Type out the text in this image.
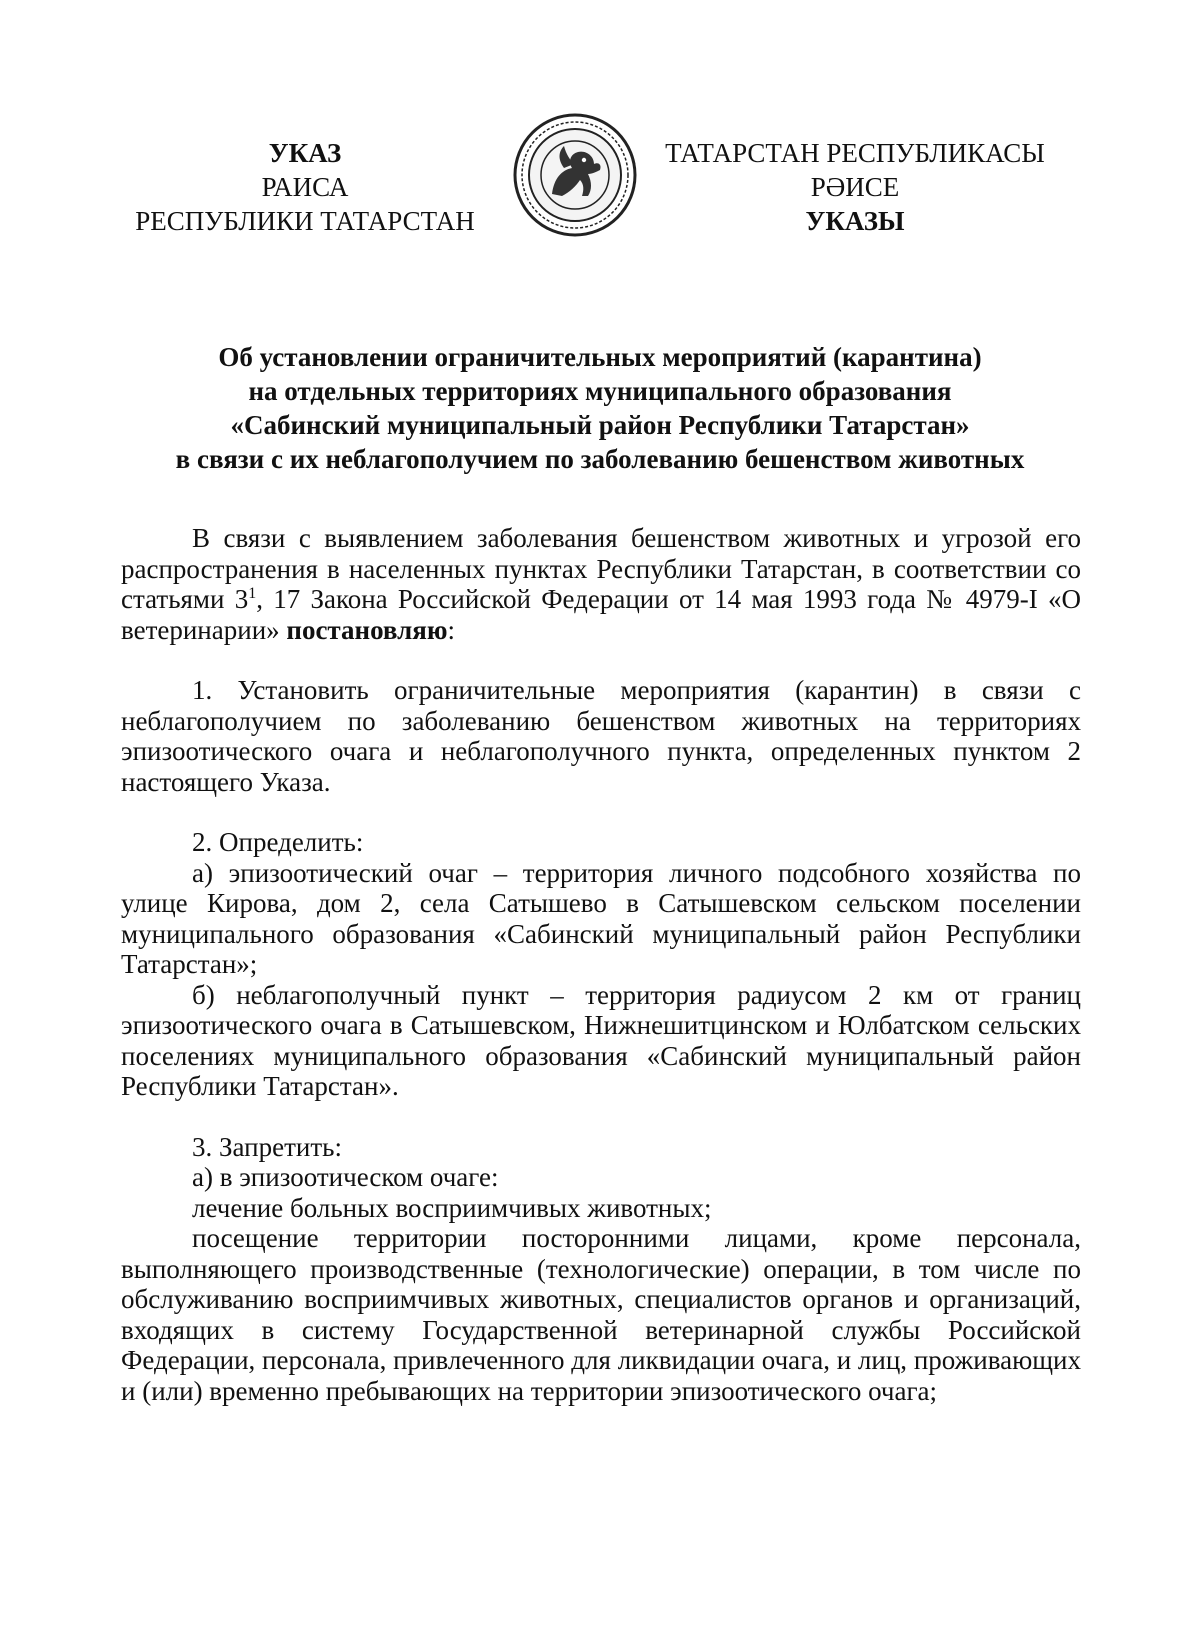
УКАЗ
РАИСА
РЕСПУБЛИКИ ТАТАРСТАН
ТАТАРСТАН РЕСПУБЛИКАСЫ
РӘИСЕ
УКАЗЫ
Об установлении ограничительных мероприятий (карантина)
на отдельных территориях муниципального образования
«Сабинский муниципальный район Республики Татарстан»
в связи с их неблагополучием по заболеванию бешенством животных

В связи с выявлением заболевания бешенством животных и угрозой его распространения в населенных пунктах Республики Татарстан, в соответствии со статьями $3^1$, 17 Закона Российской Федерации от 14 мая 1993 года № 4979-I «О ветеринарии» постановляю:

1. Установить ограничительные мероприятия (карантин) в связи с неблагополучием по заболеванию бешенством животных на территориях эпизоотического очага и неблагополучного пункта, определенных пунктом 2 настоящего Указа.

2. Определить:

а) эпизоотический очаг – территория личного подсобного хозяйства по улице Кирова, дом 2, села Сатышево в Сатышевском сельском поселении муниципального образования «Сабинский муниципальный район Республики Татарстан»;

б) неблагополучный пункт – территория радиусом 2 км от границ эпизоотического очага в Сатышевском, Нижнешитцинском и Юлбатском сельских поселениях муниципального образования «Сабинский муниципальный район Республики Татарстан».

3. Запретить:

а) в эпизоотическом очаге:

лечение больных восприимчивых животных;

посещение территории посторонними лицами, кроме персонала, выполняющего производственные (технологические) операции, в том числе по обслуживанию восприимчивых животных, специалистов органов и организаций, входящих в систему Государственной ветеринарной службы Российской Федерации, персонала, привлеченного для ликвидации очага, и лиц, проживающих и (или) временно пребывающих на территории эпизоотического очага;
